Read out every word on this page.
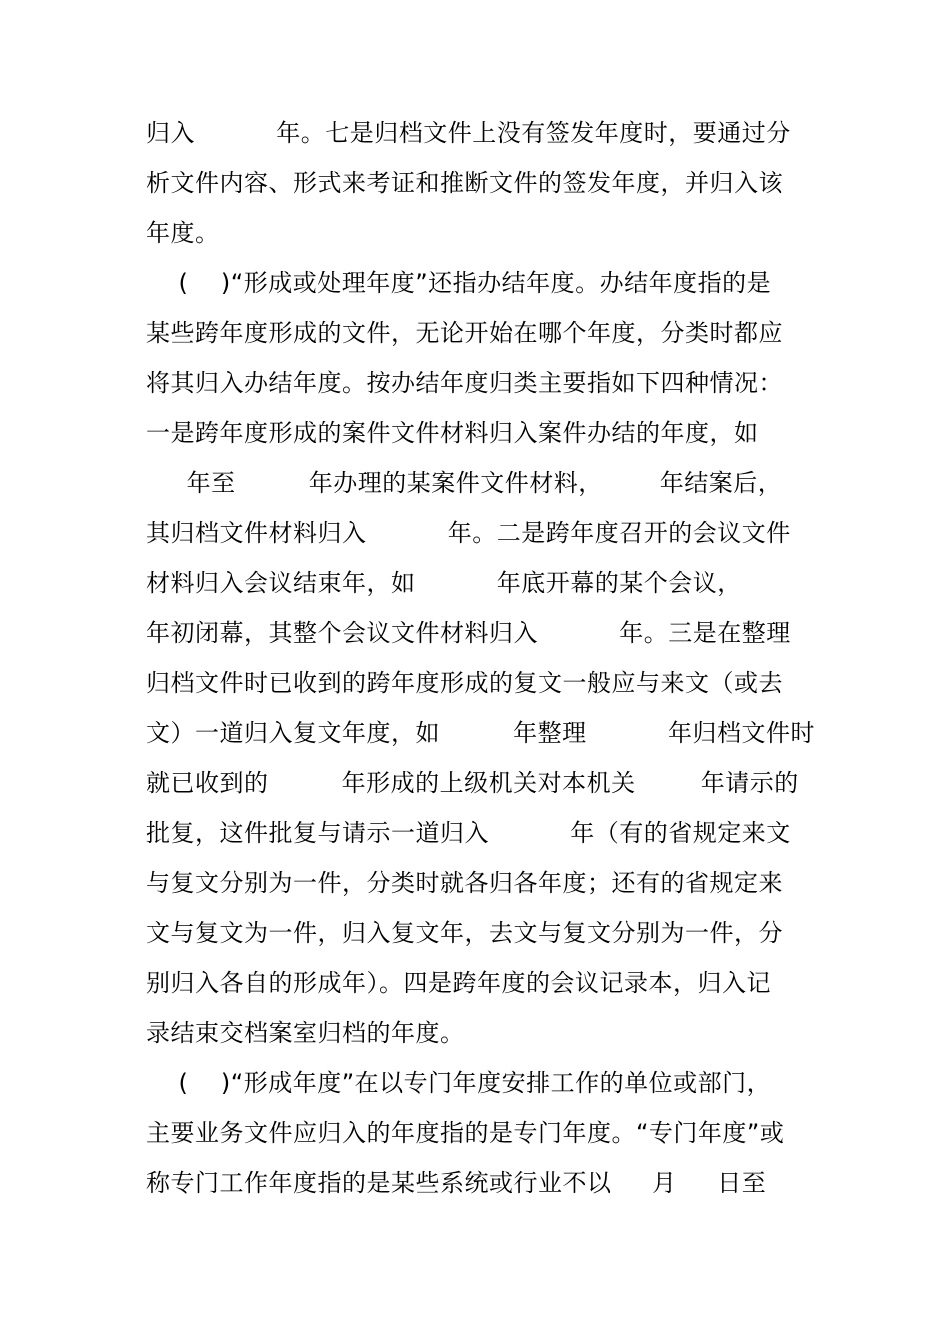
归入          年。七是归档文件上没有签发年度时，要通过分
析文件内容、形式来考证和推断文件的签发年度，并归入该
年度。
(    )“形成或处理年度”还指办结年度。办结年度指的是
某些跨年度形成的文件，无论开始在哪个年度，分类时都应
将其归入办结年度。按办结年度归类主要指如下四种情况：
一是跨年度形成的案件文件材料归入案件办结的年度，如
年至         年办理的某案件文件材料，       年结案后，
其归档文件材料归入          年。二是跨年度召开的会议文件
材料归入会议结束年，如          年底开幕的某个会议，
年初闭幕，其整个会议文件材料归入          年。三是在整理
归档文件时已收到的跨年度形成的复文一般应与来文（或去
文）一道归入复文年度，如         年整理          年归档文件时
就已收到的         年形成的上级机关对本机关        年请示的
批复，这件批复与请示一道归入          年（有的省规定来文
与复文分别为一件，分类时就各归各年度；还有的省规定来
文与复文为一件，归入复文年，去文与复文分别为一件，分
别归入各自的形成年）。四是跨年度的会议记录本，归入记
录结束交档案室归档的年度。
(    )“形成年度”在以专门年度安排工作的单位或部门，
主要业务文件应归入的年度指的是专门年度。“专门年度”或
称专门工作年度指的是某些系统或行业不以     月     日至
